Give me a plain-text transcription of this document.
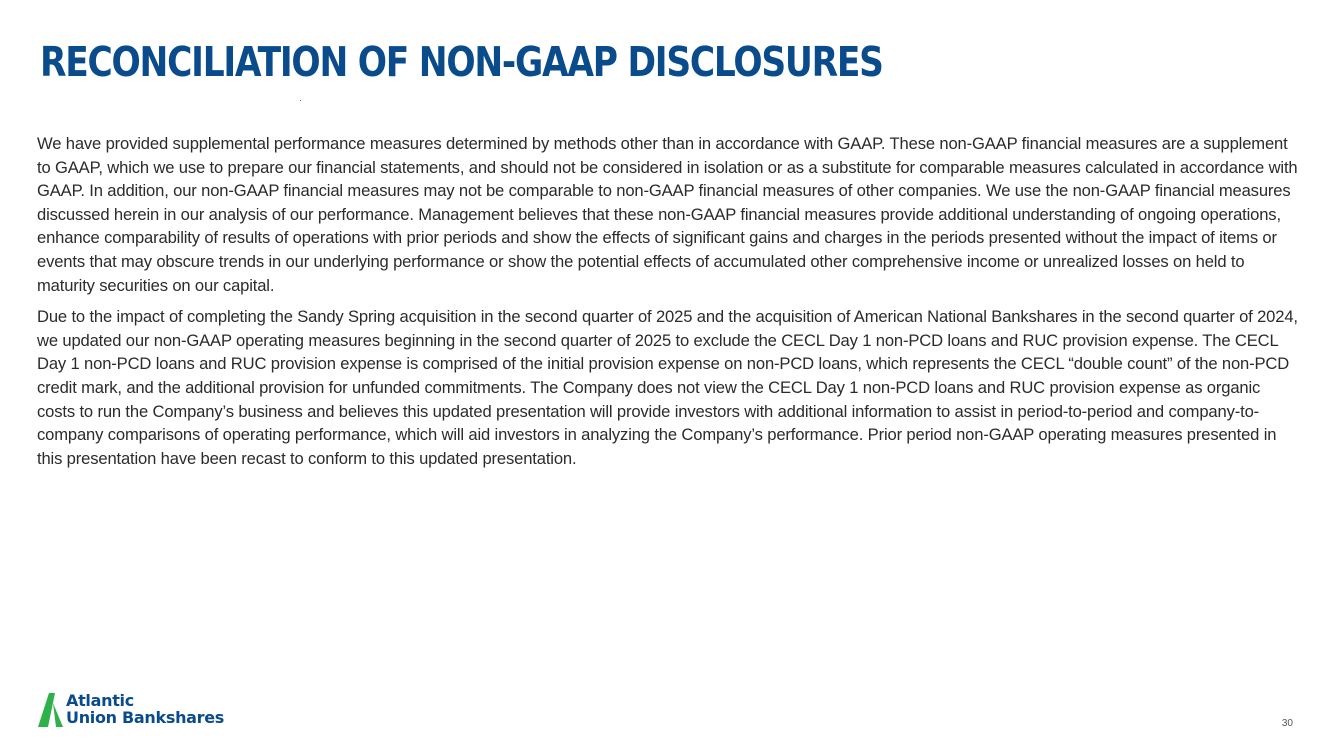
RECONCILIATION OF NON-GAAP DISCLOSURES

We have provided supplemental performance measures determined by methods other than in accordance with GAAP. These non-GAAP financial measures are a supplement to GAAP, which we use to prepare our financial statements, and should not be considered in isolation or as a substitute for comparable measures calculated in accordance with GAAP. In addition, our non-GAAP financial measures may not be comparable to non-GAAP financial measures of other companies. We use the non-GAAP financial measures discussed herein in our analysis of our performance. Management believes that these non-GAAP financial measures provide additional understanding of ongoing operations, enhance comparability of results of operations with prior periods and show the effects of significant gains and charges in the periods presented without the impact of items or events that may obscure trends in our underlying performance or show the potential effects of accumulated other comprehensive income or unrealized losses on held to maturity securities on our capital.

Due to the impact of completing the Sandy Spring acquisition in the second quarter of 2025 and the acquisition of American National Bankshares in the second quarter of 2024, we updated our non-GAAP operating measures beginning in the second quarter of 2025 to exclude the CECL Day 1 non-PCD loans and RUC provision expense. The CECL Day 1 non-PCD loans and RUC provision expense is comprised of the initial provision expense on non-PCD loans, which represents the CECL “double count” of the non-PCD credit mark, and the additional provision for unfunded commitments. The Company does not view the CECL Day 1 non-PCD loans and RUC provision expense as organic costs to run the Company’s business and believes this updated presentation will provide investors with additional information to assist in period-to-period and company-to-company comparisons of operating performance, which will aid investors in analyzing the Company’s performance. Prior period non-GAAP operating measures presented in this presentation have been recast to conform to this updated presentation.

Atlantic
Union Bankshares	30
